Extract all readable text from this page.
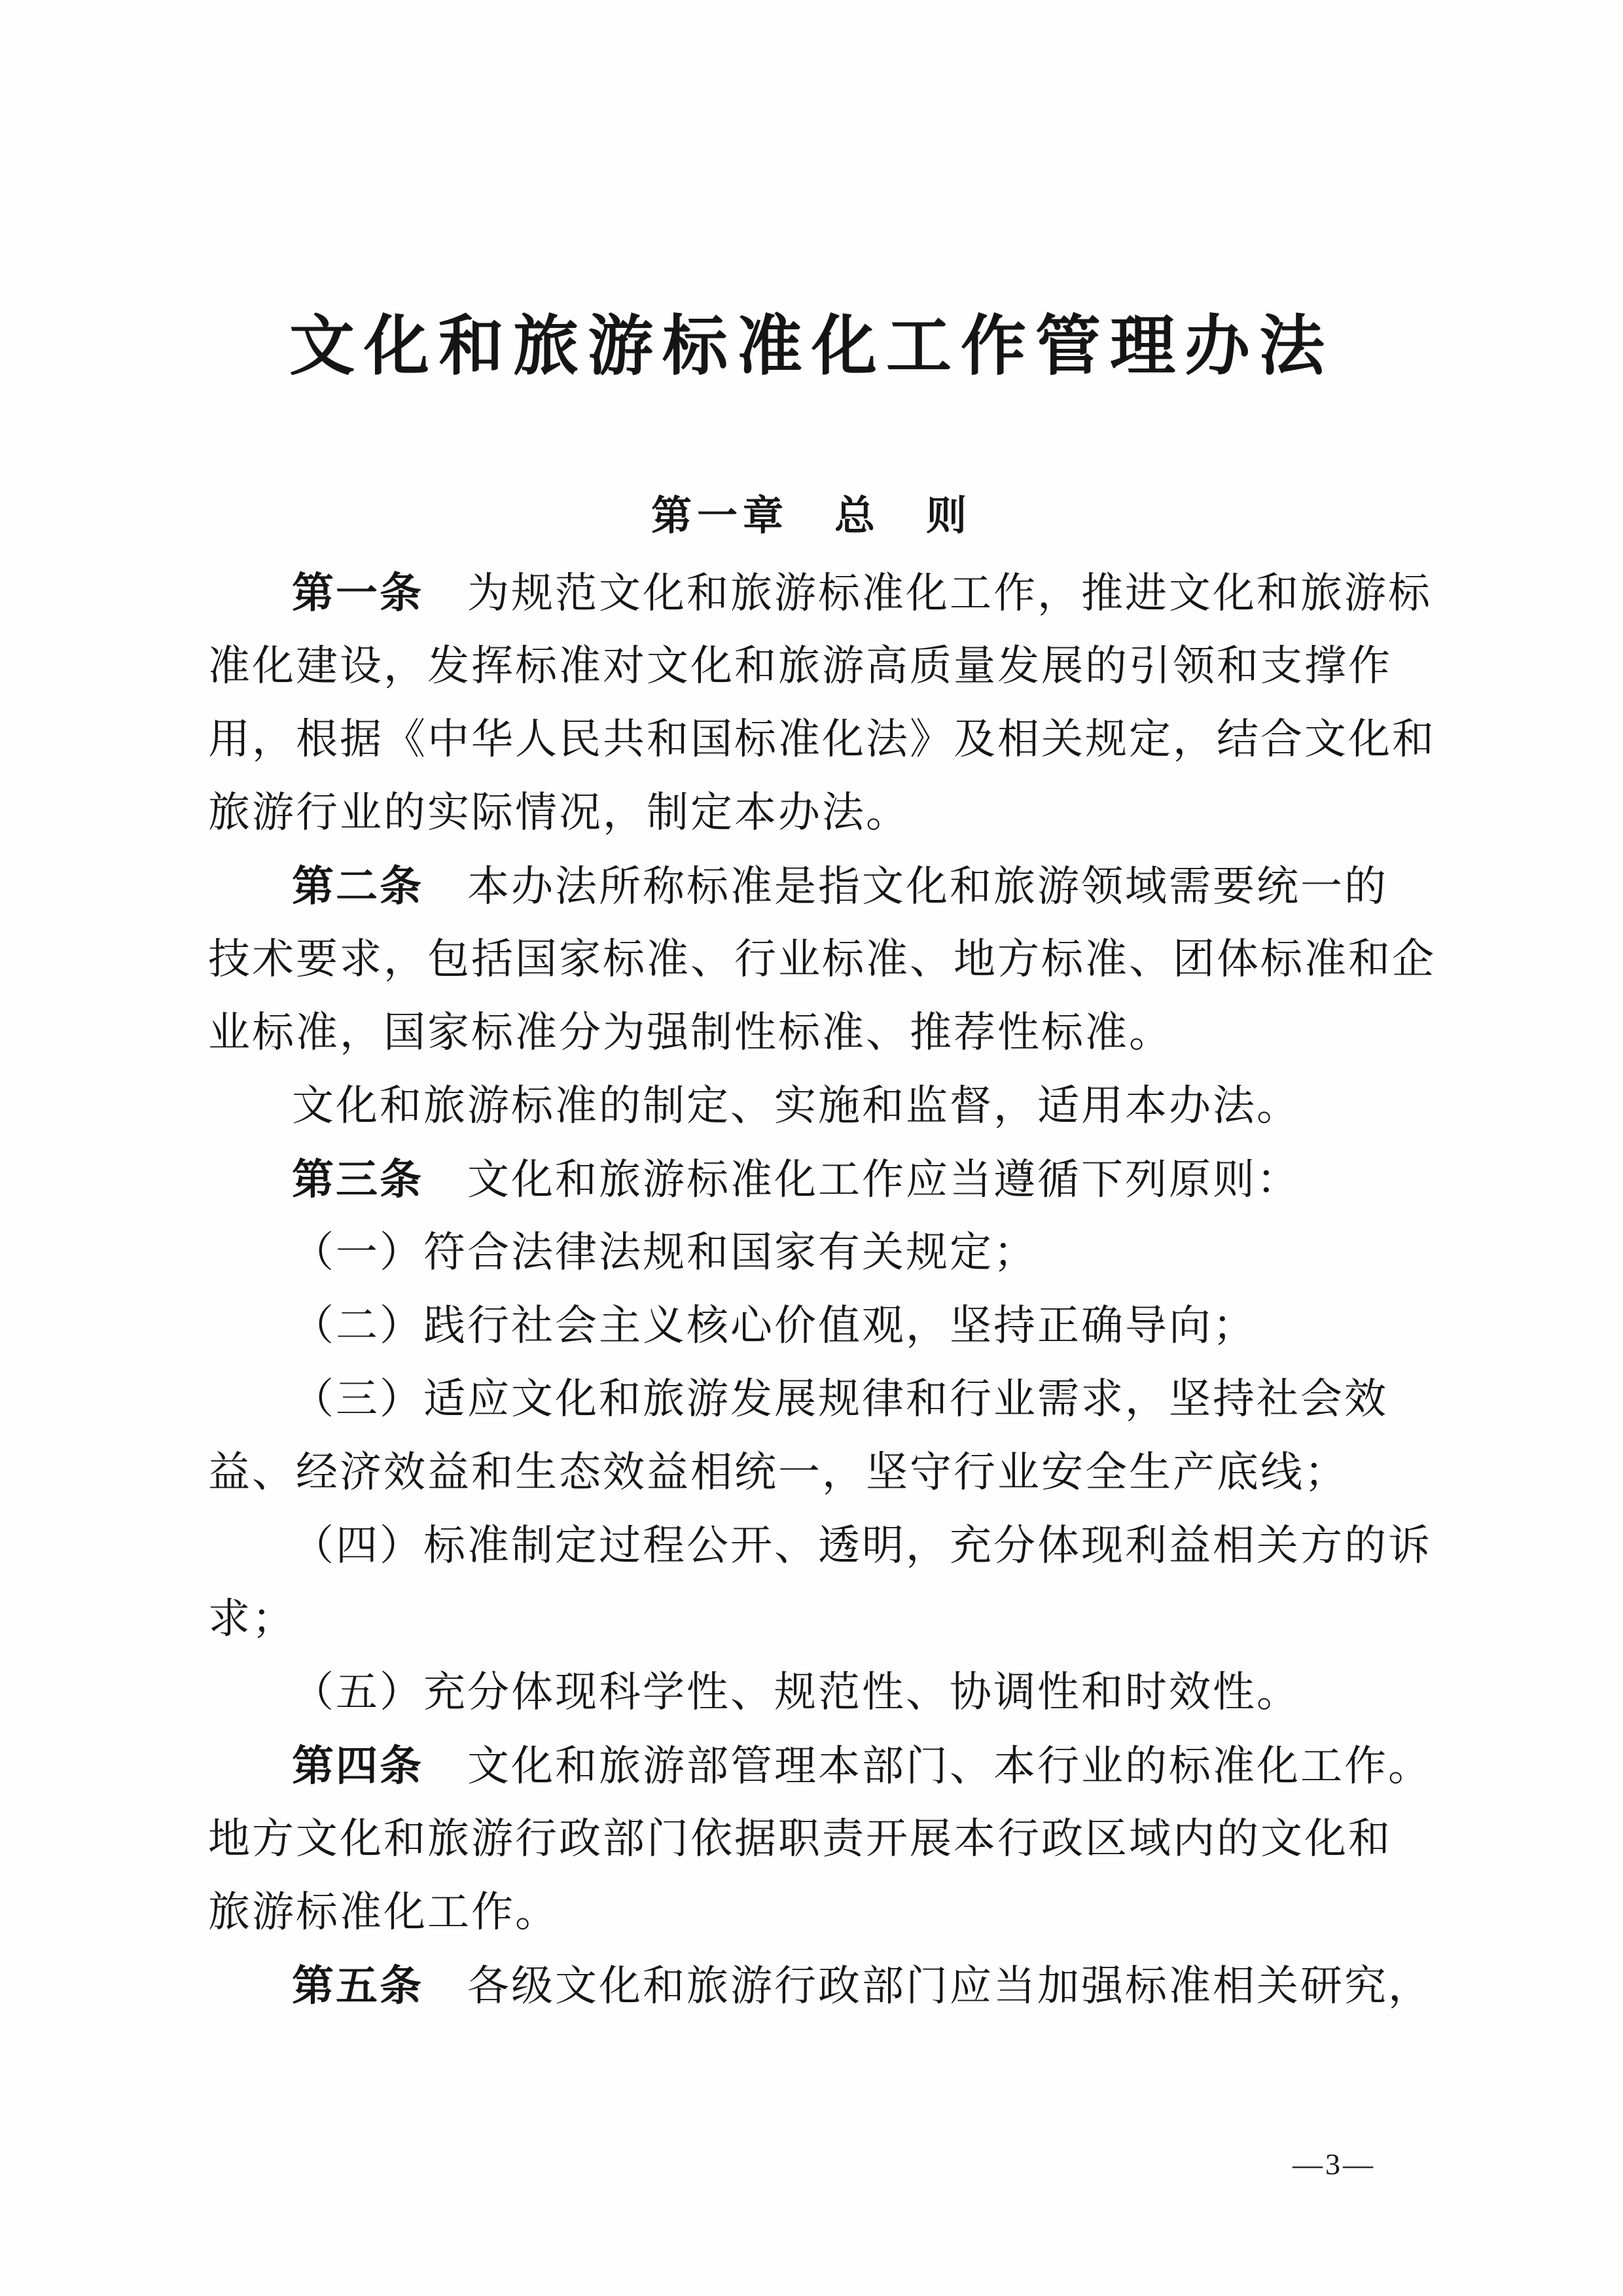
文化和旅游标准化工作管理办法
第一章　总　则
第一条　为规范文化和旅游标准化工作，推进文化和旅游标
准化建设，发挥标准对文化和旅游高质量发展的引领和支撑作
用，根据《中华人民共和国标准化法》及相关规定，结合文化和
旅游行业的实际情况，制定本办法。
第二条　本办法所称标准是指文化和旅游领域需要统一的
技术要求，包括国家标准、行业标准、地方标准、团体标准和企
业标准，国家标准分为强制性标准、推荐性标准。
文化和旅游标准的制定、实施和监督，适用本办法。
第三条　文化和旅游标准化工作应当遵循下列原则：
（一）符合法律法规和国家有关规定；
（二）践行社会主义核心价值观，坚持正确导向；
（三）适应文化和旅游发展规律和行业需求，坚持社会效
益、经济效益和生态效益相统一，坚守行业安全生产底线；
（四）标准制定过程公开、透明，充分体现利益相关方的诉
求；
（五）充分体现科学性、规范性、协调性和时效性。
第四条　文化和旅游部管理本部门、本行业的标准化工作。
地方文化和旅游行政部门依据职责开展本行政区域内的文化和
旅游标准化工作。
第五条　各级文化和旅游行政部门应当加强标准相关研究，
—3—
